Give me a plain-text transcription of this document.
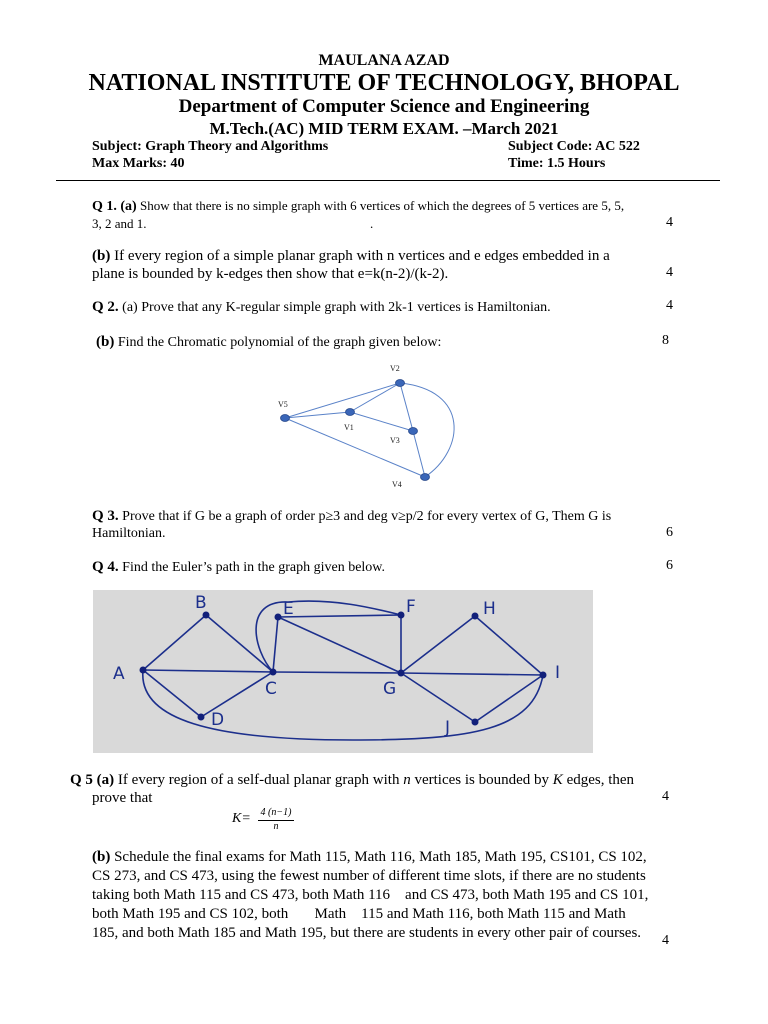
MAULANA AZAD
NATIONAL INSTITUTE OF TECHNOLOGY, BHOPAL
Department of Computer Science and Engineering
M.Tech.(AC) MID TERM EXAM. –March 2021
Subject: Graph Theory and Algorithms	Subject Code: AC 522
Max Marks: 40	Time: 1.5 Hours
Q 1. (a) Show that there is no simple graph with 6 vertices of which the degrees of 5 vertices are 5, 5,
3, 2 and 1.	.	4
(b) If every region of a simple planar graph with n vertices and e edges embedded in a
plane is bounded by k-edges then show that e=k(n-2)/(k-2).	4
Q 2. (a) Prove that any K-regular simple graph with 2k-1 vertices is Hamiltonian.	4
(b) Find the Chromatic polynomial of the graph given below:	8
V2
V5
V1
V3
V4
Q 3. Prove that if G be a graph of order p≥3 and deg v≥p/2 for every vertex of G, Them G is
Hamiltonian.	6
Q 4. Find the Euler’s path in the graph given below.	6
B
A
C
D
E	F
G
H
I
J
Q 5 (a) If every region of a self-dual planar graph with n vertices is bounded by K edges, then
prove that	4
K= 4 (n−1)
n
(b) Schedule the final exams for Math 115, Math 116, Math 185, Math 195, CS101, CS 102,
CS 273, and CS 473, using the fewest number of different time slots, if there are no students
taking both Math 115 and CS 473, both Math 116    and CS 473, both Math 195 and CS 101,
both Math 195 and CS 102, both       Math    115 and Math 116, both Math 115 and Math
185, and both Math 185 and Math 195, but there are students in every other pair of courses.	4
